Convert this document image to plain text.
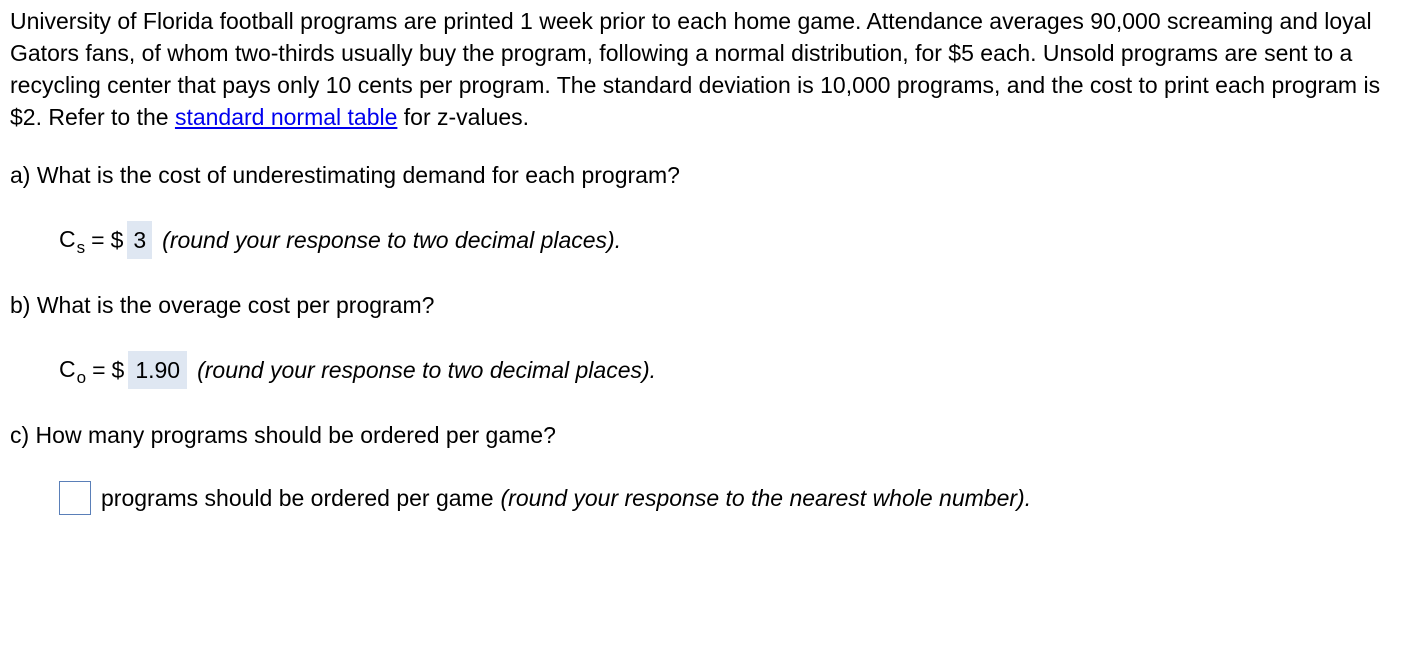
University of Florida football programs are printed 1 week prior to each home game. Attendance averages 90,000 screaming and loyal Gators fans, of whom two-thirds usually buy the program, following a normal distribution, for $5 each. Unsold programs are sent to a recycling center that pays only 10 cents per program. The standard deviation is 10,000 programs, and the cost to print each program is $2. Refer to the standard normal table for z-values.

a) What is the cost of underestimating demand for each program?

$C_s$ = $ 3 (round your response to two decimal places).

b) What is the overage cost per program?

$C_o$ = $ 1.90 (round your response to two decimal places).

c) How many programs should be ordered per game?

programs should be ordered per game (round your response to the nearest whole number).
